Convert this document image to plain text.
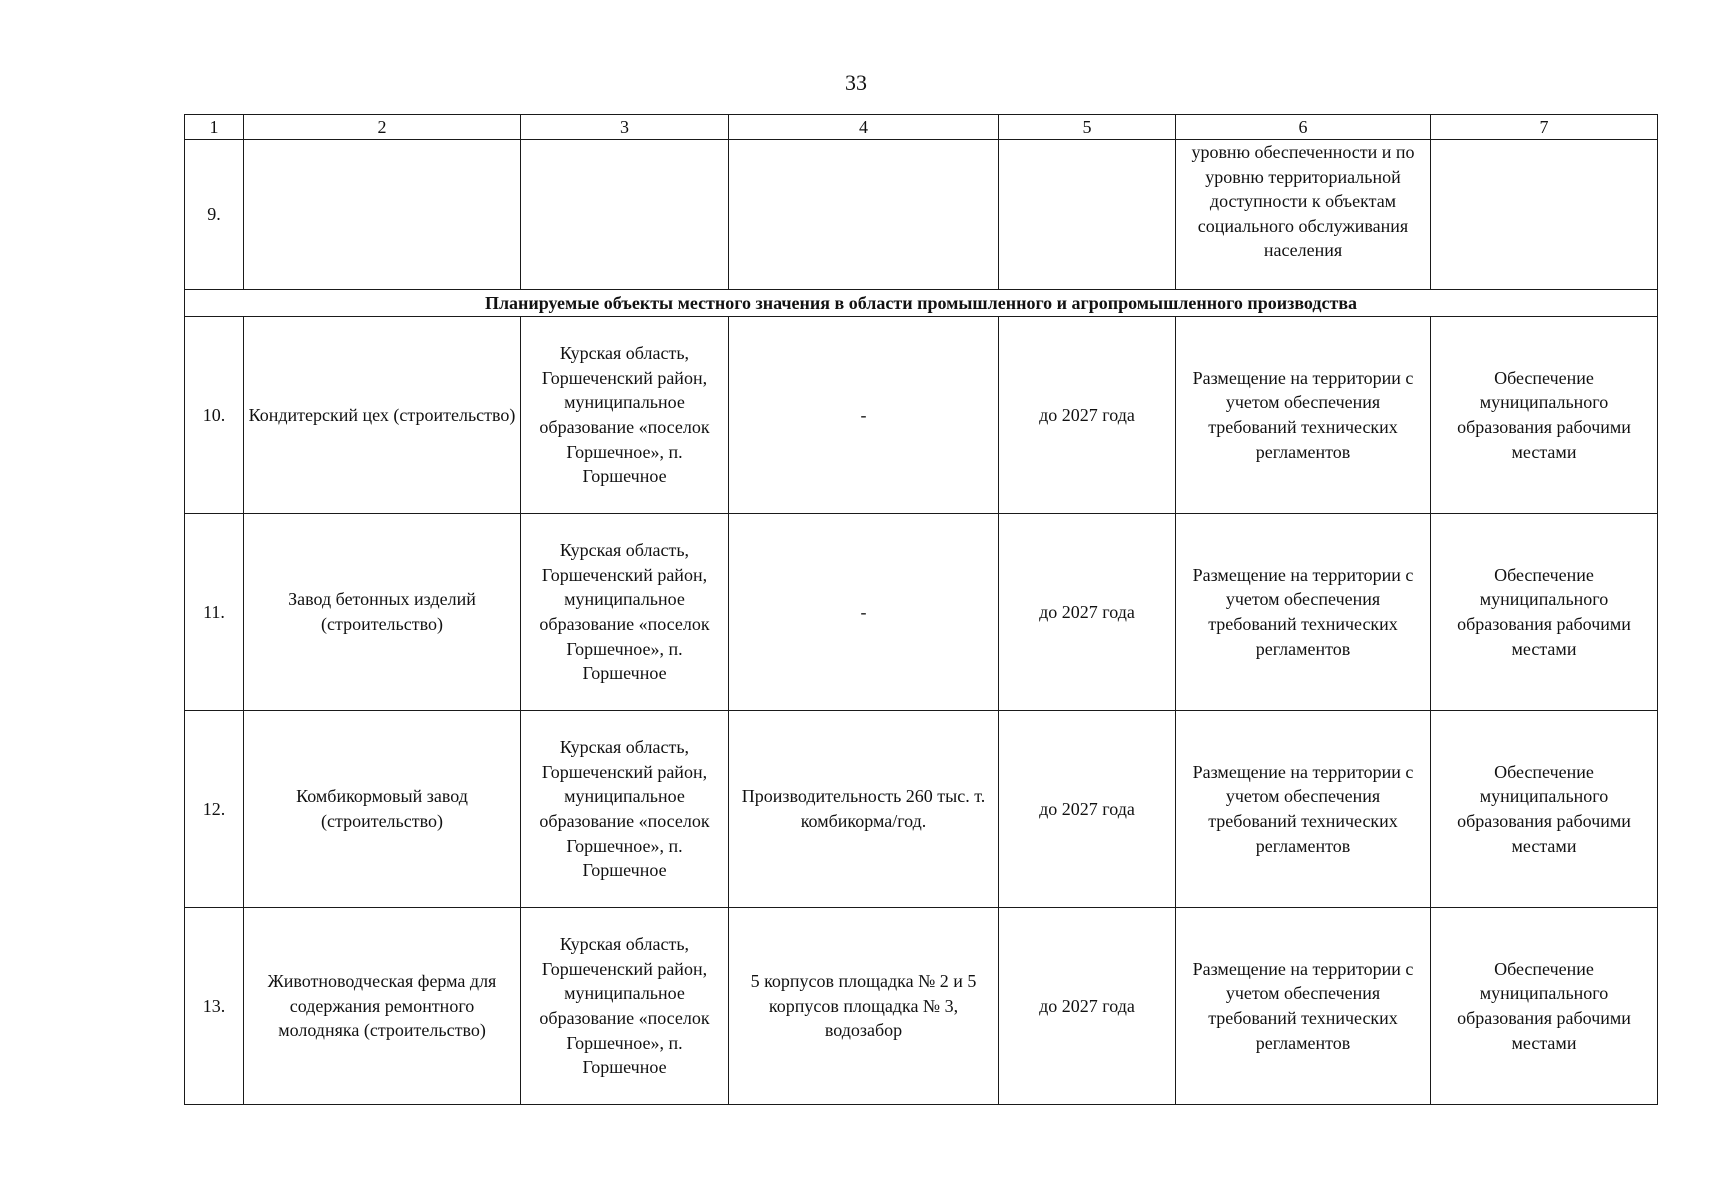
33
1	2	3	4	5	6	7
9.					уровню обеспеченности и по уровню территориальной доступности к объектам социального обслуживания населения	
Планируемые объекты местного значения в области промышленного и агропромышленного производства						
10.	Кондитерский цех (строительство)	Курская область, Горшеченский район, муниципальное образование «поселок Горшечное», п. Горшечное	-	до 2027 года	Размещение на территории с учетом обеспечения требований технических регламентов	Обеспечение муниципального образования рабочими местами
11.	Завод бетонных изделий (строительство)	Курская область, Горшеченский район, муниципальное образование «поселок Горшечное», п. Горшечное	-	до 2027 года	Размещение на территории с учетом обеспечения требований технических регламентов	Обеспечение муниципального образования рабочими местами
12.	Комбикормовый завод (строительство)	Курская область, Горшеченский район, муниципальное образование «поселок Горшечное», п. Горшечное	Производительность 260 тыс. т. комбикорма/год.	до 2027 года	Размещение на территории с учетом обеспечения требований технических регламентов	Обеспечение муниципального образования рабочими местами
13.	Животноводческая ферма для содержания ремонтного молодняка (строительство)	Курская область, Горшеченский район, муниципальное образование «поселок Горшечное», п. Горшечное	5 корпусов площадка № 2 и 5 корпусов площадка № 3, водозабор	до 2027 года	Размещение на территории с учетом обеспечения требований технических регламентов	Обеспечение муниципального образования рабочими местами
